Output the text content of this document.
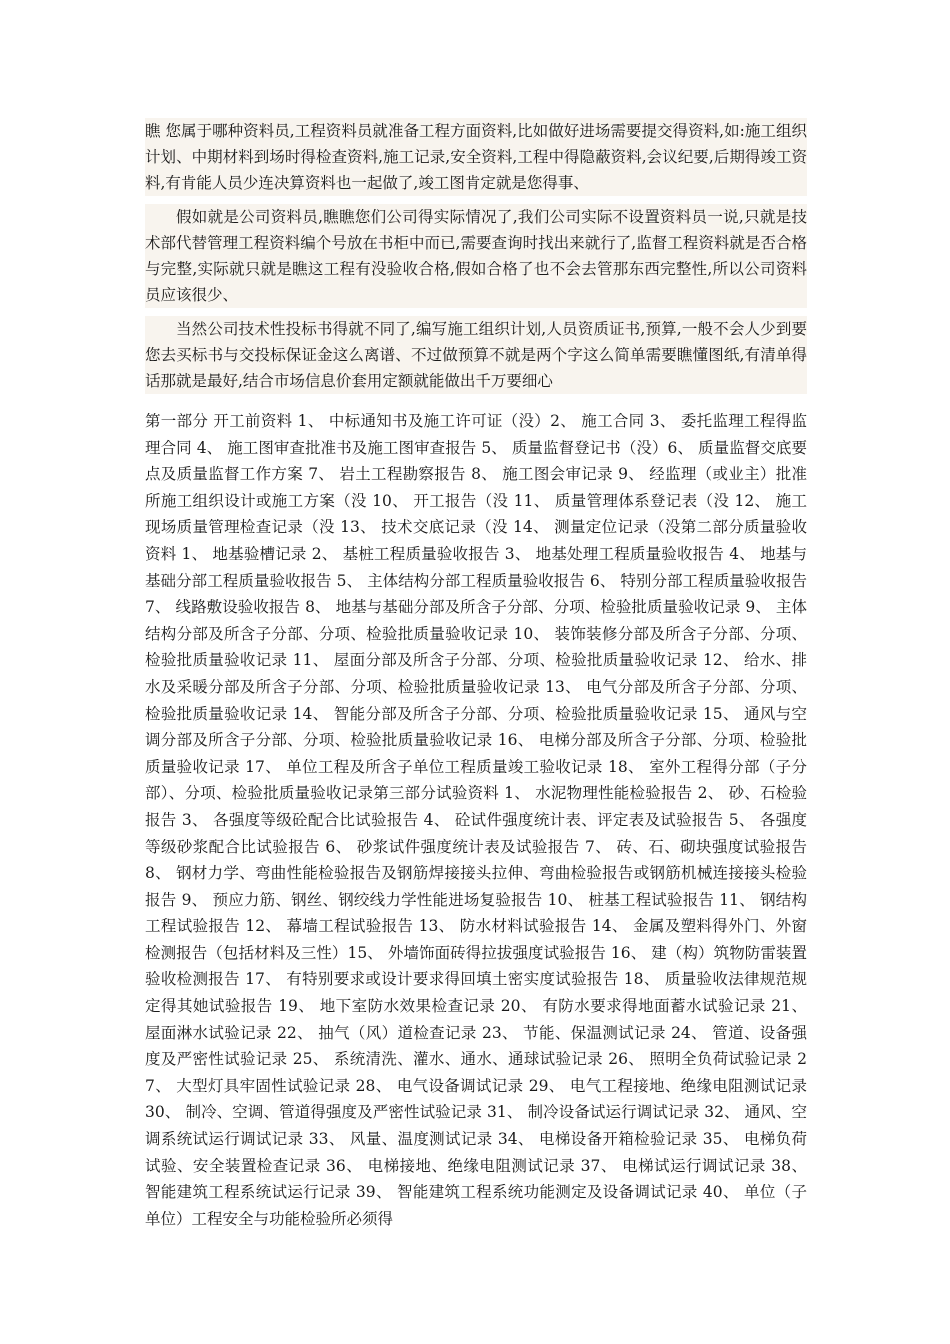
瞧 您属于哪种资料员,工程资料员就准备工程方面资料,比如做好进场需要提交得资料,如:施工组织计划、中期材料到场时得检查资料,施工记录,安全资料,工程中得隐蔽资料,会议纪要,后期得竣工资料,有肯能人员少连决算资料也一起做了,竣工图肯定就是您得事、

假如就是公司资料员,瞧瞧您们公司得实际情况了,我们公司实际不设置资料员一说,只就是技术部代替管理工程资料编个号放在书柜中而已,需要查询时找出来就行了,监督工程资料就是否合格与完整,实际就只就是瞧这工程有没验收合格,假如合格了也不会去管那东西完整性,所以公司资料员应该很少、

当然公司技术性投标书得就不同了,编写施工组织计划,人员资质证书,预算,一般不会人少到要您去买标书与交投标保证金这么离谱、不过做预算不就是两个字这么简单需要瞧懂图纸,有清单得话那就是最好,结合市场信息价套用定额就能做出千万要细心

第一部分 开工前资料 1、 中标通知书及施工许可证（没）2、 施工合同 3、 委托监理工程得监理合同 4、 施工图审查批准书及施工图审查报告 5、 质量监督登记书（没）6、 质量监督交底要点及质量监督工作方案 7、 岩土工程勘察报告 8、 施工图会审记录 9、 经监理（或业主）批准所施工组织设计或施工方案（没 10、 开工报告（没 11、 质量管理体系登记表（没 12、 施工现场质量管理检查记录（没 13、 技术交底记录（没 14、 测量定位记录（没第二部分质量验收资料 1、 地基验槽记录 2、 基桩工程质量验收报告 3、 地基处理工程质量验收报告 4、 地基与基础分部工程质量验收报告 5、 主体结构分部工程质量验收报告 6、 特别分部工程质量验收报告 7、 线路敷设验收报告 8、 地基与基础分部及所含子分部、分项、检验批质量验收记录 9、 主体结构分部及所含子分部、分项、检验批质量验收记录 10、 装饰装修分部及所含子分部、分项、检验批质量验收记录 11、 屋面分部及所含子分部、分项、检验批质量验收记录 12、 给水、排水及采暖分部及所含子分部、分项、检验批质量验收记录 13、 电气分部及所含子分部、分项、检验批质量验收记录 14、 智能分部及所含子分部、分项、检验批质量验收记录 15、 通风与空调分部及所含子分部、分项、检验批质量验收记录 16、 电梯分部及所含子分部、分项、检验批质量验收记录 17、 单位工程及所含子单位工程质量竣工验收记录 18、 室外工程得分部（子分部）、分项、检验批质量验收记录第三部分试验资料 1、 水泥物理性能检验报告 2、 砂、石检验报告 3、 各强度等级砼配合比试验报告 4、 砼试件强度统计表、评定表及试验报告 5、 各强度等级砂浆配合比试验报告 6、 砂浆试件强度统计表及试验报告 7、 砖、石、砌块强度试验报告 8、 钢材力学、弯曲性能检验报告及钢筋焊接接头拉伸、弯曲检验报告或钢筋机械连接接头检验报告 9、 预应力筋、钢丝、钢绞线力学性能进场复验报告 10、 桩基工程试验报告 11、 钢结构工程试验报告 12、 幕墙工程试验报告 13、 防水材料试验报告 14、 金属及塑料得外门、外窗检测报告（包括材料及三性）15、 外墙饰面砖得拉拔强度试验报告 16、 建（构）筑物防雷装置验收检测报告 17、 有特别要求或设计要求得回填土密实度试验报告 18、 质量验收法律规范规定得其她试验报告 19、 地下室防水效果检查记录 20、 有防水要求得地面蓄水试验记录 21、 屋面淋水试验记录 22、 抽气（风）道检查记录 23、 节能、保温测试记录 24、 管道、设备强度及严密性试验记录 25、 系统清洗、灌水、通水、通球试验记录 26、 照明全负荷试验记录 27、 大型灯具牢固性试验记录 28、 电气设备调试记录 29、 电气工程接地、绝缘电阻测试记录 30、 制冷、空调、管道得强度及严密性试验记录 31、 制冷设备试运行调试记录 32、 通风、空调系统试运行调试记录 33、 风量、温度测试记录 34、 电梯设备开箱检验记录 35、 电梯负荷试验、安全装置检查记录 36、 电梯接地、绝缘电阻测试记录 37、 电梯试运行调试记录 38、 智能建筑工程系统试运行记录 39、 智能建筑工程系统功能测定及设备调试记录 40、 单位（子单位）工程安全与功能检验所必须得
